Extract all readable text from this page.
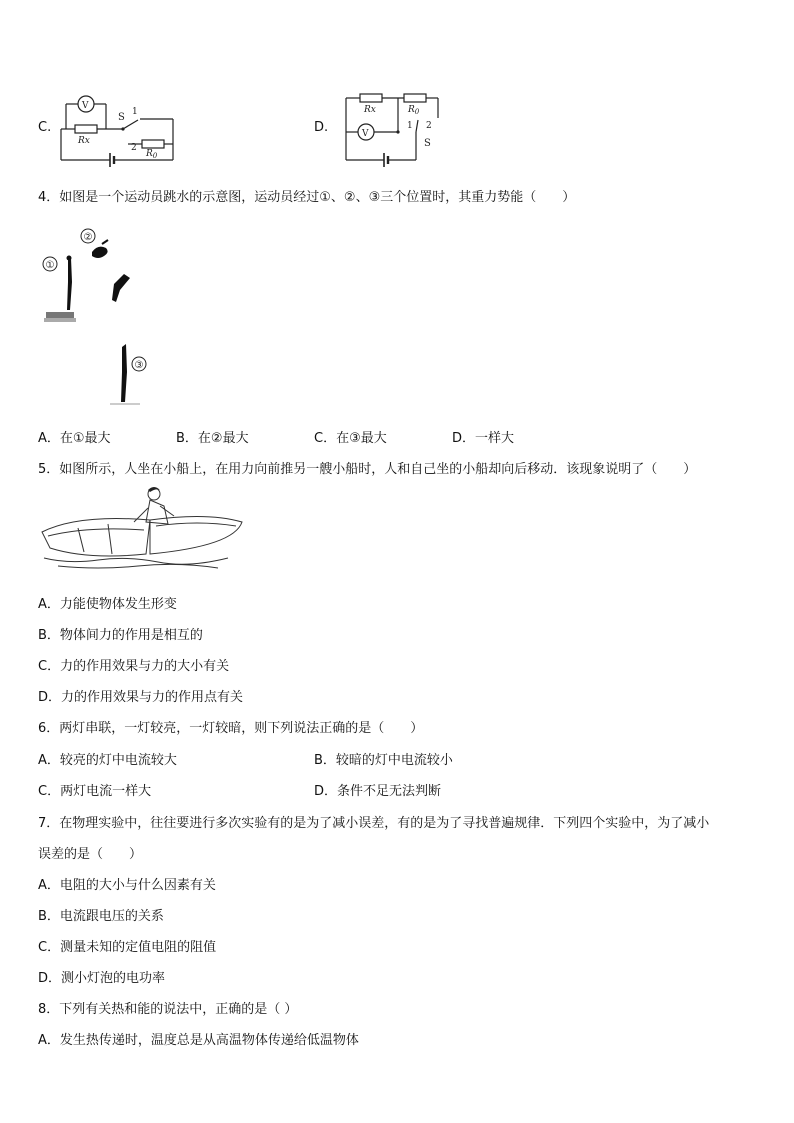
C.
V
S 1
2
Rx
$R_0$
D.	V
S
1 2
Rx	$R_0$
4．如图是一个运动员跳水的示意图，运动员经过①、②、③三个位置时，其重力势能（　　）
①
②
③
A．在①最大	B．在②最大	C．在③最大	D．一样大
5．如图所示，人坐在小船上，在用力向前推另一艘小船时，人和自己坐的小船却向后移动．该现象说明了（　　）
A．力能使物体发生形变
B．物体间力的作用是相互的
C．力的作用效果与力的大小有关
D．力的作用效果与力的作用点有关
6．两灯串联，一灯较亮，一灯较暗，则下列说法正确的是（　　）
A．较亮的灯中电流较大	B．较暗的灯中电流较小
C．两灯电流一样大	D．条件不足无法判断
7．在物理实验中，往往要进行多次实验有的是为了减小误差，有的是为了寻找普遍规律．下列四个实验中，为了减小
误差的是（　　）
A．电阻的大小与什么因素有关
B．电流跟电压的关系
C．测量未知的定值电阻的阻值
D．测小灯泡的电功率
8．下列有关热和能的说法中，正确的是（ ）
A．发生热传递时，温度总是从高温物体传递给低温物体
